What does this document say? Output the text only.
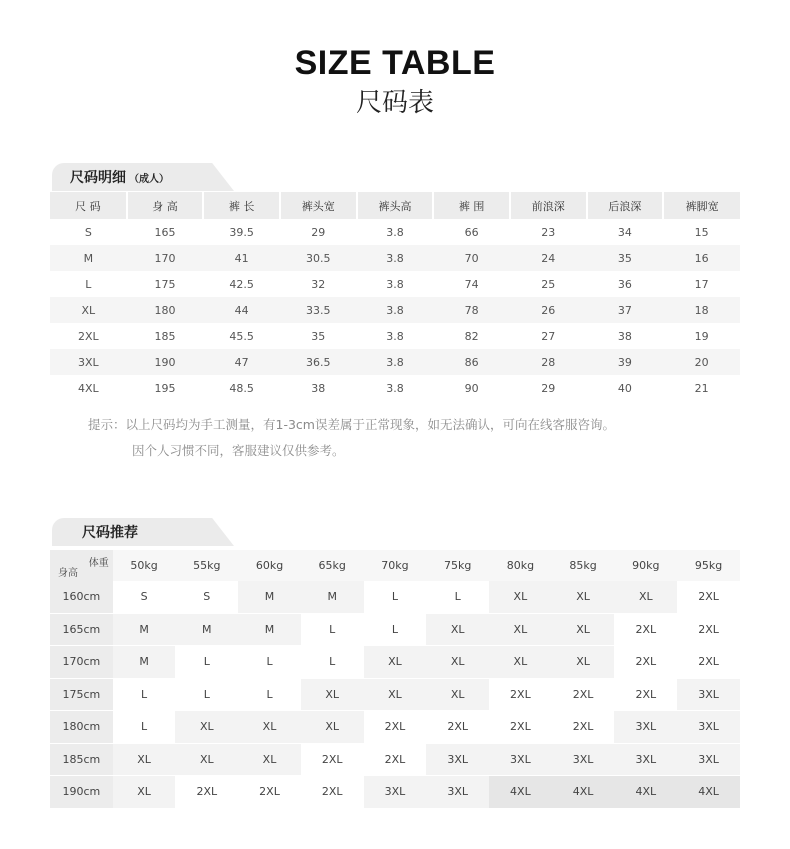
SIZE TABLE
尺码表
尺码明细 （成人）
尺 码	身 高	裤 长	裤头宽	裤头高	裤 围	前浪深	后浪深	裤脚宽
S	165	39.5	29	3.8	66	23	34	15
M	170	41	30.5	3.8	70	24	35	16
L	175	42.5	32	3.8	74	25	36	17
XL	180	44	33.5	3.8	78	26	37	18
2XL	185	45.5	35	3.8	82	27	38	19
3XL	190	47	36.5	3.8	86	28	39	20
4XL	195	48.5	38	3.8	90	29	40	21
提示：以上尺码均为手工测量，有1-3cm误差属于正常现象，如无法确认，可向在线客服咨询。
因个人习惯不同，客服建议仅供参考。
尺码推荐
体重
身高	50kg	55kg	60kg	65kg	70kg	75kg	80kg	85kg	90kg	95kg
160cm	S	S	M	M	L	L	XL	XL	XL	2XL
165cm	M	M	M	L	L	XL	XL	XL	2XL	2XL
170cm	M	L	L	L	XL	XL	XL	XL	2XL	2XL
175cm	L	L	L	XL	XL	XL	2XL	2XL	2XL	3XL
180cm	L	XL	XL	XL	2XL	2XL	2XL	2XL	3XL	3XL
185cm	XL	XL	XL	2XL	2XL	3XL	3XL	3XL	3XL	3XL
190cm	XL	2XL	2XL	2XL	3XL	3XL	4XL	4XL	4XL	4XL
